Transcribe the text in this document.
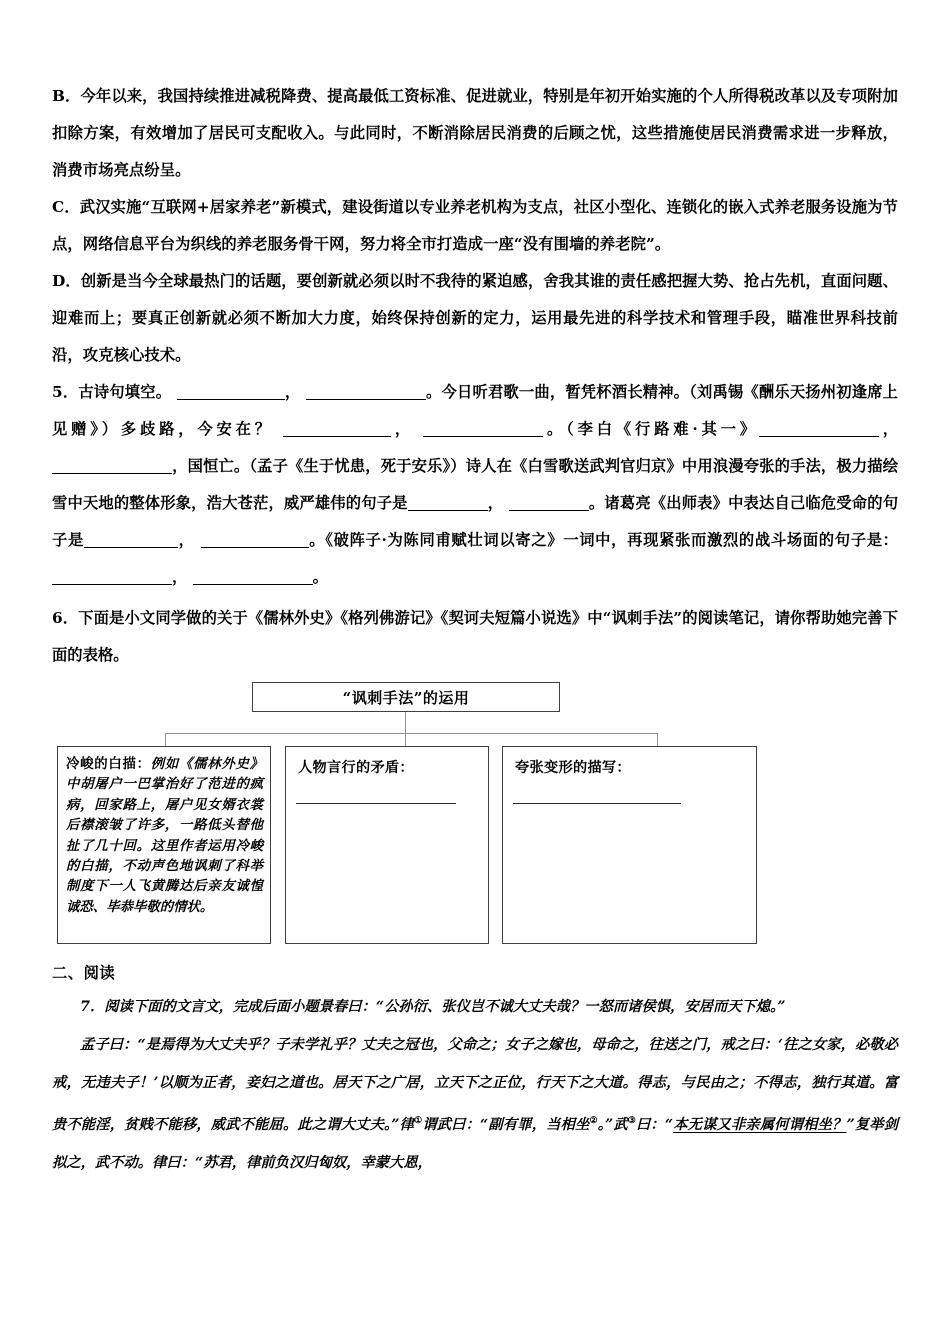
B．今年以来，我国持续推进减税降费、提高最低工资标准、促进就业，特别是年初开始实施的个人所得税改革以及专项附加扣除方案，有效增加了居民可支配收入。与此同时，不断消除居民消费的后顾之忧，这些措施使居民消费需求进一步释放，消费市场亮点纷呈。

C．武汉实施“互联网+居家养老”新模式，建设街道以专业养老机构为支点，社区小型化、连锁化的嵌入式养老服务设施为节点，网络信息平台为织线的养老服务骨干网，努力将全市打造成一座“没有围墙的养老院”。

D．创新是当今全球最热门的话题，要创新就必须以时不我待的紧迫感，舍我其谁的责任感把握大势、抢占先机，直面问题、迎难而上；要真正创新就必须不断加大力度，始终保持创新的定力，运用最先进的科学技术和管理手段，瞄准世界科技前沿，攻克核心技术。

5．古诗句填空。	，	。今日听君歌一曲，暂凭杯酒长精神。（刘禹锡《酬乐天扬州初逢席上见赠》）多歧路，今安在？	，	。（李白《行路难·其一》	， ，国恒亡。（孟子《生于忧患，死于安乐》）诗人在《白雪歌送武判官归京》中用浪漫夸张的手法，极力描绘雪中天地的整体形象，浩大苍茫，威严雄伟的句子是	，	。诸葛亮《出师表》中表达自己临危受命的句子是	，	。《破阵子·为陈同甫赋壮词以寄之》一词中，再现紧张而激烈的战斗场面的句子是： ，	。

6．下面是小文同学做的关于《儒林外史》《格列佛游记》《契诃夫短篇小说选》中“讽刺手法”的阅读笔记，请你帮助她完善下面的表格。

“讽刺手法”的运用
冷峻的白描：例如《儒林外史》中胡屠户一巴掌治好了范进的疯病，回家路上，屠户见女婿衣裳后襟滚皱了许多，一路低头替他扯了几十回。这里作者运用冷峻的白描，不动声色地讽刺了科举制度下一人飞黄腾达后亲友诚惶诚恐、毕恭毕敬的情状。
人物言行的矛盾：	夸张变形的描写：
二、阅读

7．阅读下面的文言文，完成后面小题景春曰：“公孙衍、张仪岂不诚大丈夫哉？一怒而诸侯惧，安居而天下熄。”

孟子曰：“是焉得为大丈夫乎？子未学礼乎？丈夫之冠也，父命之；女子之嫁也，母命之，往送之门，戒之曰：‘往之女家，必敬必戒，无违夫子！’以顺为正者，妾妇之道也。居天下之广居，立天下之正位，行天下之大道。得志，与民由之；不得志，独行其道。富贵不能淫，贫贱不能移，威武不能屈。此之谓大丈夫。”律①谓武曰：“副有罪，当相坐②。”武③曰：“本无谋又非亲属何谓相坐？”复举剑拟之，武不动。律曰：“苏君，律前负汉归匈奴，幸蒙大恩，
